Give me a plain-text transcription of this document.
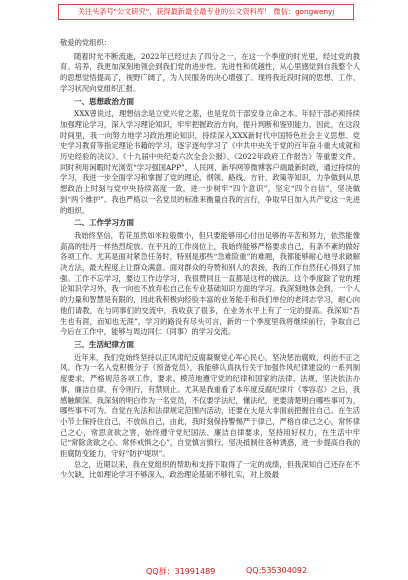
关注头条号"公文研究"，获得最新最全最专业的公文资料库！ 微信：gongwenyj
敬爱的党组织：

随着时光不断流逝，2022年已经过去了四分之一，在这一个季度的时光里，经过党的教育、培养，我更加深刻地领会到我们党的进步性、先进性和优越性，从心里感觉到自我整个人的思想觉悟提高了，视野广阔了，为人民服务的决心增强了。现将我近段时间的思想、工作、学习状况向党组织汇报。

一、思想政治方面

XXX曾说过，理想信念是立党兴党之基，也是党员干部安身立命之本。年轻干部必须持续加强理论学习，深入学习理论知识，牢牢把握政治方向，提升判断和鉴别能力。因此，在这段时间里，我一向努力地学习政治理论知识，持续深入XXX新时代中国特色社会主义思想、党史学习教育等指定理论书籍的学习，逐字逐句学习了《中共中央关于党的百年奋斗重大成就和历史经验的决议》、《十九届中央纪委六次全会公报》、《2022年政府工作报告》等重要文件。同时利用闲暇时光浏览“学习强国APP”、人民网、新华网等微博客户端最新时政，通过持续的学习，我进一步全面学习和掌握了党的理论、纲领、路线、方针、政策等知识，力争做到从思想政治上时刻与党中央持续高度一致，进一步树牢“四个意识”，坚定“四个自信”，坚决做到“两个维护”。我也严格以一名党员的标准来衡量自我的言行，争取早日加入共产党这一先进的组织。

二、工作学习方面

我始终坚信，若花虽然如米粒般微小，但只要能够用心付出足够的辛苦和努力，依然能像高高的牡丹一样热烈绽放。在平凡的工作岗位上，我始终能够严格要求自己，有条不紊的做好各项工作。尤其是面对紧急任务时，特别是那些“急难险重”的难题，我都能够耐心地寻求破解决方法，最大程度上让群众满意。面对群众的夸赞和别人的表扬，我的工作自然任心得到了加强。工作不忘学习，要边工作边学习，我很赞同且一直都是这样的做法。这个季度除了党的理论知识学习外，我一向也不放弃松自己在专业基础知识方面的学习。我深刻地体会到，一个人的力量和智慧是有限的，因此我积极向经验丰富的业务能手和我们单位的老同志学习，耐心向他们请教，在与同事们的交流中，我收获了很多，在业务水平上有了一定的提高。我深知“吾生也有涯，而知也无涯”，学习的路没有尽头可言，新的一个季度里我将继续前行，争取自己今后在工作中，能够与周边同仁（同事）的学习交流。

三、生活纪律方面

近年来，我们党始终坚持以正风肃纪反腐凝聚党心军心民心，坚决惩治腐败，纠治不正之风。作为一名入党积极分子（预备党员），我能够认真执行关于加强作风纪律建设的一系列制度要求，严格规范各项工作，要求。模范地遵守党的纪律和国家的法律、法规，坚决依法办事，廉洁自律，有令则行，有禁则止。尤其是我重看了本年度反腐纪律片《零容忍》之后，我感触颇深。我深刻的明白作为一名党员，不仅要学法纪，懂法纪，更要清楚明白哪些事可为，哪些事不可为。自觉在先法和法律规定范围内活动，还要在大是大非面前把握住自己。在生活小节上保持住自己，不放纵自己，由此，我时刻保持警惕严于律己，严格自律己之心，常怀律己之心，常思贪欲之害，始终遵守党纪国法、廉洁自律要求，坚持用好权力，在生活中牢记“常除贪欲之心、常怀戒惧之心”，自觉慎言慎行，坚决抵制住各种诱惑，进一步提高自我的拒腐防变能力，守好“防护堤坝”。

总之，近期以来，我在党组织的帮助和支持下取得了一定的成绩，但我深知自己还存在不少欠缺，比如理论学习不够深入，政治理论基础不够扎实，对上级最

QQ群：31991489	QQ:535304092
